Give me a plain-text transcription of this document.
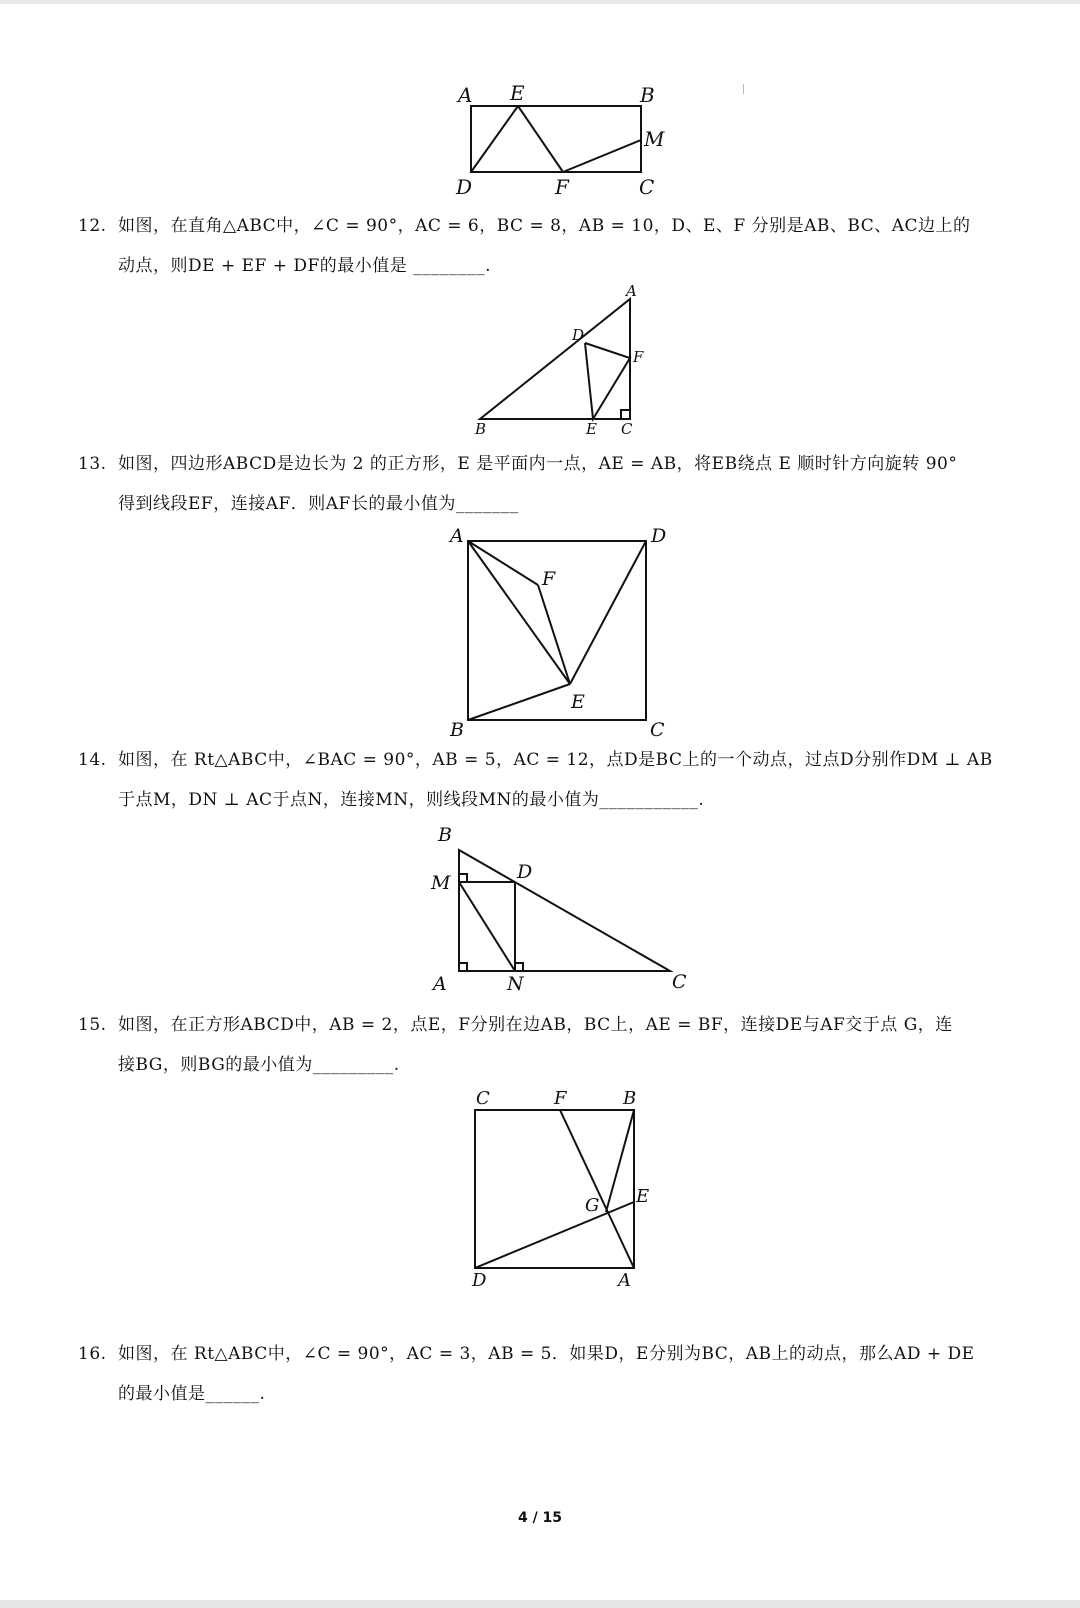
A E	B
M
D	F	C
12. 如图，在直角△ABC中，∠C = 90°，AC = 6，BC = 8，AB = 10，D、E、F 分别是AB、BC、AC边上的
动点，则DE + EF + DF的最小值是 ________.
A
D
F
B	E C
13. 如图，四边形ABCD是边长为 2 的正方形，E 是平面内一点，AE = AB，将EB绕点 E 顺时针方向旋转 90°
得到线段EF，连接AF．则AF长的最小值为_______
A	D
F
E
B	C
14. 如图，在 Rt△ABC中，∠BAC = 90°，AB = 5，AC = 12，点D是BC上的一个动点，过点D分别作DM ⊥ AB
于点M，DN ⊥ AC于点N，连接MN，则线段MN的最小值为___________.
B
M	D
A	N	C
15. 如图，在正方形ABCD中，AB = 2，点E，F分别在边AB，BC上，AE = BF，连接DE与AF交于点 G，连
接BG，则BG的最小值为_________.
C	F	B
G E
D	A
16. 如图，在 Rt△ABC中，∠C = 90°，AC = 3，AB = 5．如果D，E分别为BC，AB上的动点，那么AD + DE
的最小值是______.
4 / 15
